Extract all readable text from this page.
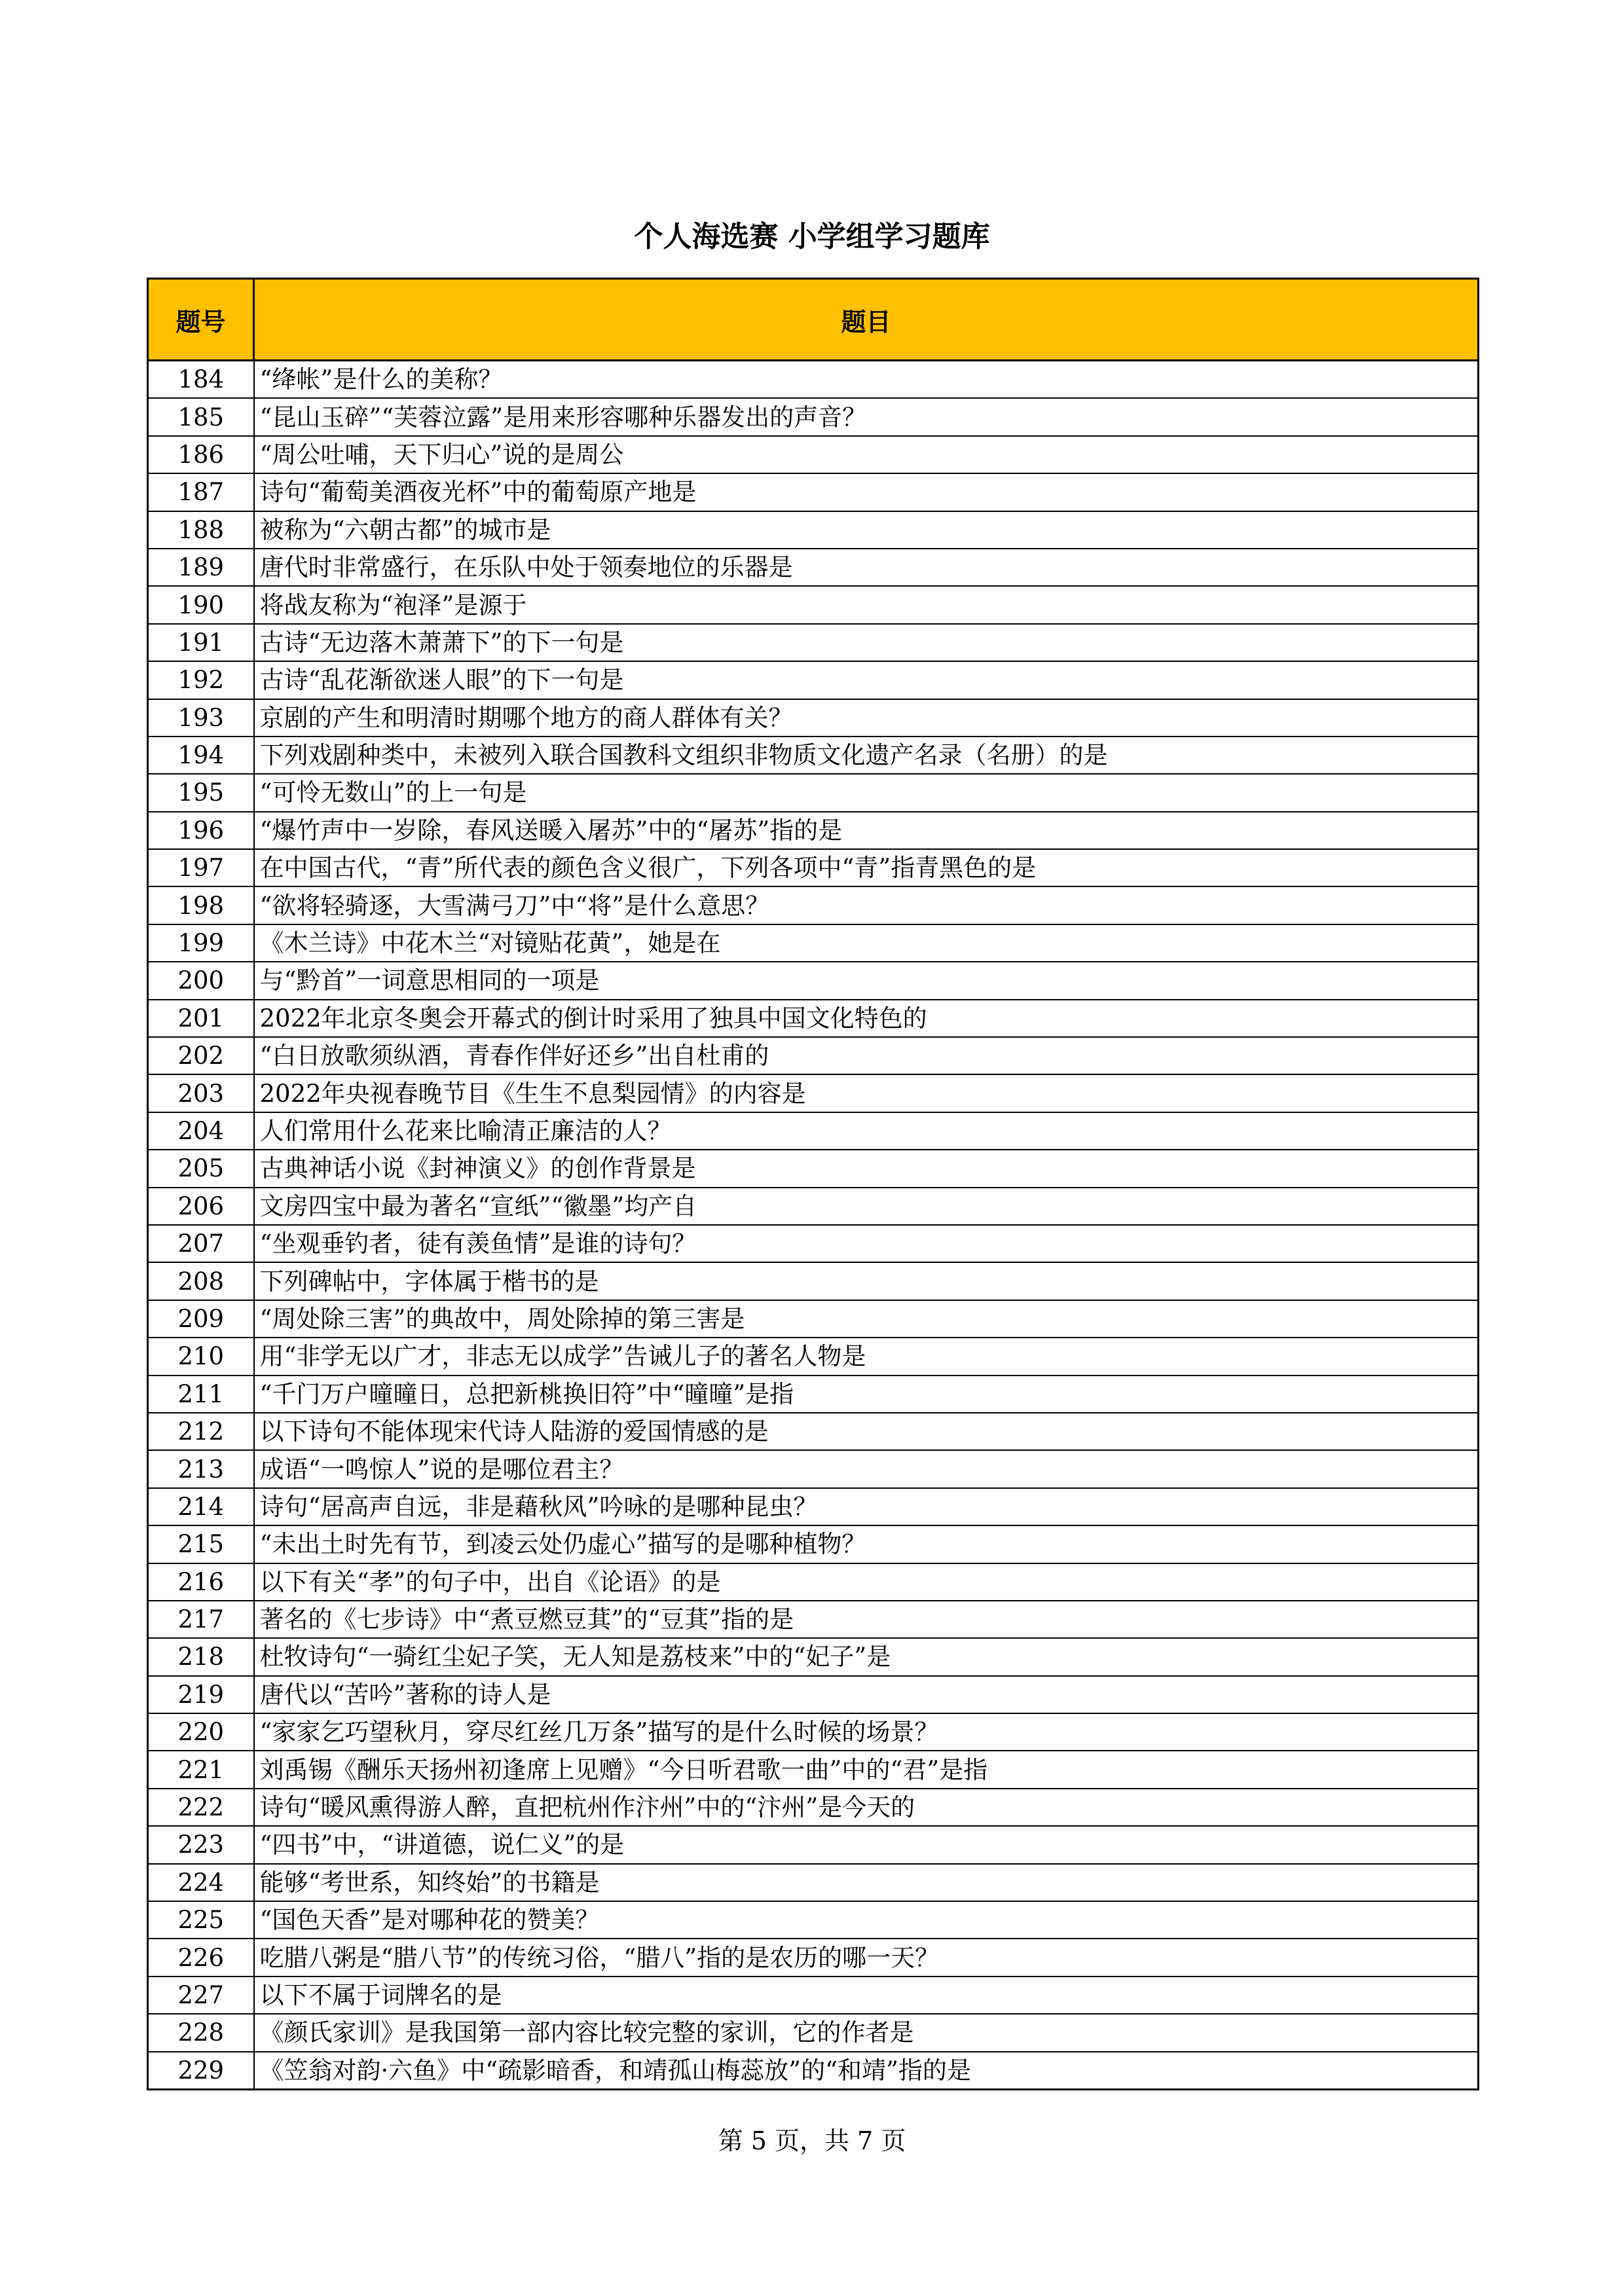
个人海选赛 小学组学习题库
题号	题目
184	“绛帐”是什么的美称？
185	“昆山玉碎”“芙蓉泣露”是用来形容哪种乐器发出的声音？
186	“周公吐哺，天下归心”说的是周公
187	诗句“葡萄美酒夜光杯”中的葡萄原产地是
188	被称为“六朝古都”的城市是
189	唐代时非常盛行，在乐队中处于领奏地位的乐器是
190	将战友称为“袍泽”是源于
191	古诗“无边落木萧萧下”的下一句是
192	古诗“乱花渐欲迷人眼”的下一句是
193	京剧的产生和明清时期哪个地方的商人群体有关？
194	下列戏剧种类中，未被列入联合国教科文组织非物质文化遗产名录（名册）的是
195	“可怜无数山”的上一句是
196	“爆竹声中一岁除，春风送暖入屠苏”中的“屠苏”指的是
197	在中国古代，“青”所代表的颜色含义很广，下列各项中“青”指青黑色的是
198	“欲将轻骑逐，大雪满弓刀”中“将”是什么意思？
199	《木兰诗》中花木兰“对镜贴花黄”，她是在
200	与“黔首”一词意思相同的一项是
201	2022年北京冬奥会开幕式的倒计时采用了独具中国文化特色的
202	“白日放歌须纵酒，青春作伴好还乡”出自杜甫的
203	2022年央视春晚节目《生生不息梨园情》的内容是
204	人们常用什么花来比喻清正廉洁的人？
205	古典神话小说《封神演义》的创作背景是
206	文房四宝中最为著名“宣纸”“徽墨”均产自
207	“坐观垂钓者，徒有羡鱼情”是谁的诗句？
208	下列碑帖中，字体属于楷书的是
209	“周处除三害”的典故中，周处除掉的第三害是
210	用“非学无以广才，非志无以成学”告诫儿子的著名人物是
211	“千门万户曈曈日，总把新桃换旧符”中“曈曈”是指
212	以下诗句不能体现宋代诗人陆游的爱国情感的是
213	成语“一鸣惊人”说的是哪位君主？
214	诗句“居高声自远，非是藉秋风”吟咏的是哪种昆虫？
215	“未出土时先有节，到凌云处仍虚心”描写的是哪种植物？
216	以下有关“孝”的句子中，出自《论语》的是
217	著名的《七步诗》中“煮豆燃豆萁”的“豆萁”指的是
218	杜牧诗句“一骑红尘妃子笑，无人知是荔枝来”中的“妃子”是
219	唐代以“苦吟”著称的诗人是
220	“家家乞巧望秋月，穿尽红丝几万条”描写的是什么时候的场景？
221	刘禹锡《酬乐天扬州初逢席上见赠》“今日听君歌一曲”中的“君”是指
222	诗句“暖风熏得游人醉，直把杭州作汴州”中的“汴州”是今天的
223	“四书”中，“讲道德，说仁义”的是
224	能够“考世系，知终始”的书籍是
225	“国色天香”是对哪种花的赞美？
226	吃腊八粥是“腊八节”的传统习俗，“腊八”指的是农历的哪一天？
227	以下不属于词牌名的是
228	《颜氏家训》是我国第一部内容比较完整的家训，它的作者是
229	《笠翁对韵·六鱼》中“疏影暗香，和靖孤山梅蕊放”的“和靖”指的是
第 5 页，共 7 页
